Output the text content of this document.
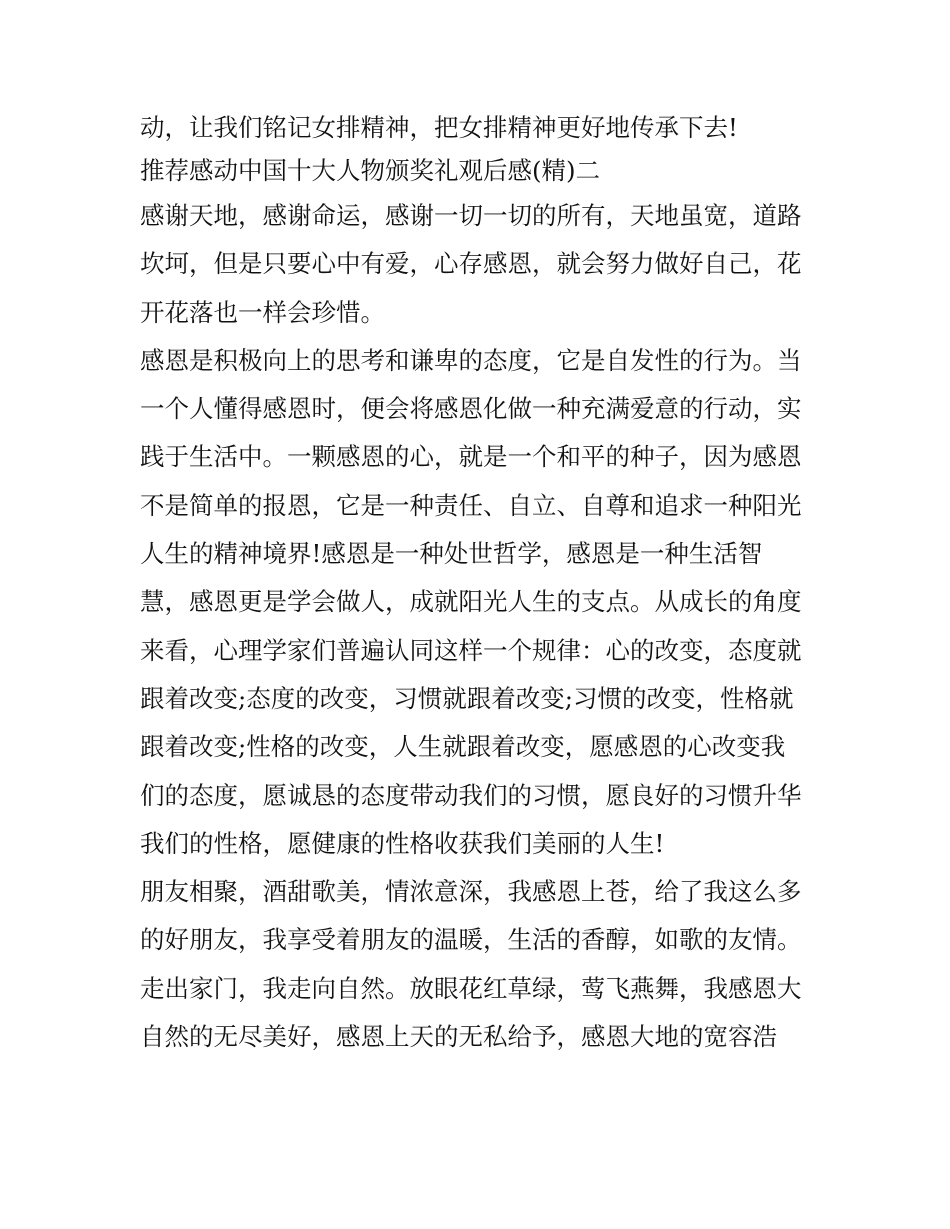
动，让我们铭记女排精神，把女排精神更好地传承下去!
推荐感动中国十大人物颁奖礼观后感(精)二
感谢天地，感谢命运，感谢一切一切的所有，天地虽宽，道路
坎坷，但是只要心中有爱，心存感恩，就会努力做好自己，花
开花落也一样会珍惜。
感恩是积极向上的思考和谦卑的态度，它是自发性的行为。当
一个人懂得感恩时，便会将感恩化做一种充满爱意的行动，实
践于生活中。一颗感恩的心，就是一个和平的种子，因为感恩
不是简单的报恩，它是一种责任、自立、自尊和追求一种阳光
人生的精神境界!感恩是一种处世哲学，感恩是一种生活智
慧，感恩更是学会做人，成就阳光人生的支点。从成长的角度
来看，心理学家们普遍认同这样一个规律：心的改变，态度就
跟着改变;态度的改变，习惯就跟着改变;习惯的改变，性格就
跟着改变;性格的改变，人生就跟着改变，愿感恩的心改变我
们的态度，愿诚恳的态度带动我们的习惯，愿良好的习惯升华
我们的性格，愿健康的性格收获我们美丽的人生!
朋友相聚，酒甜歌美，情浓意深，我感恩上苍，给了我这么多
的好朋友，我享受着朋友的温暖，生活的香醇，如歌的友情。
走出家门，我走向自然。放眼花红草绿，莺飞燕舞，我感恩大
自然的无尽美好，感恩上天的无私给予，感恩大地的宽容浩
